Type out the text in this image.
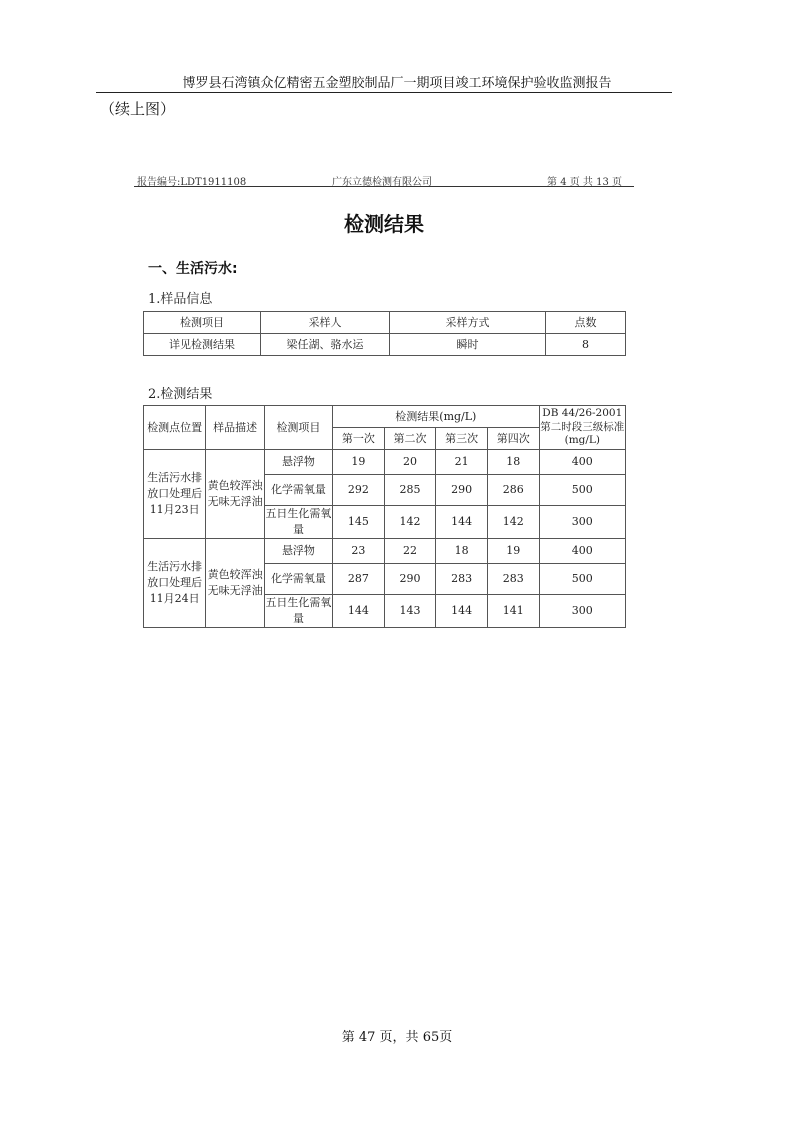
博罗县石湾镇众亿精密五金塑胶制品厂一期项目竣工环境保护验收监测报告
（续上图）
报告编号:LDT1911108	广东立德检测有限公司	第 4 页 共 13 页
检测结果
一、生活污水:
1.样品信息
检测项目	采样人	采样方式	点数
详见检测结果	梁任湖、骆水运	瞬时	8
2.检测结果
检测点位置	样品描述	检测项目	检测结果(mg/L)				DB 44/26-2001 第二时段三级标准(mg/L)
			第一次	第二次	第三次	第四次	
生活污水排放口处理后11月23日	黄色较浑浊无味无浮油	悬浮物	19	20	21	18	400
		化学需氧量	292	285	290	286	500
		五日生化需氧量	145	142	144	142	300
生活污水排放口处理后11月24日	黄色较浑浊无味无浮油	悬浮物	23	22	18	19	400
		化学需氧量	287	290	283	283	500
		五日生化需氧量	144	143	144	141	300
第 47 页，共 65页
